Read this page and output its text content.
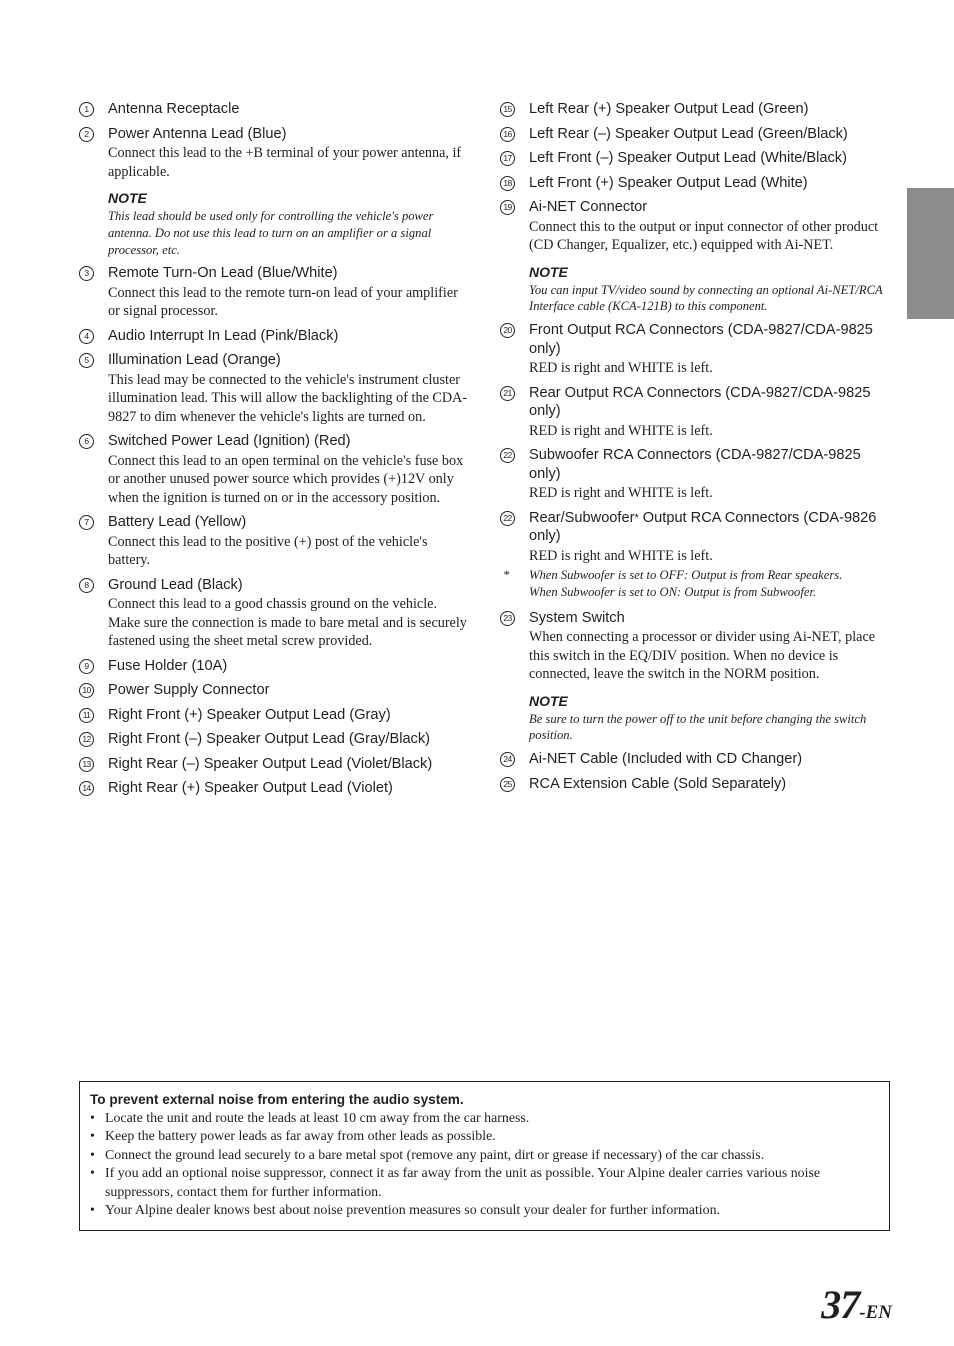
1	Antenna Receptacle
2	Power Antenna Lead (Blue)
Connect this lead to the +B terminal of your power antenna, if applicable.
NOTE
This lead should be used only for controlling the vehicle's power antenna. Do not use this lead to turn on an amplifier or a signal processor, etc.
3	Remote Turn-On Lead (Blue/White)
Connect this lead to the remote turn-on lead of your amplifier or signal processor.
4	Audio Interrupt In Lead (Pink/Black)
5	Illumination Lead (Orange)
This lead may be connected to the vehicle's instrument cluster illumination lead. This will allow the backlighting of the CDA-9827 to dim whenever the vehicle's lights are turned on.
6	Switched Power Lead (Ignition) (Red)
Connect this lead to an open terminal on the vehicle's fuse box or another unused power source which provides (+)12V only when the ignition is turned on or in the accessory position.
7	Battery Lead (Yellow)
Connect this lead to the positive (+) post of the vehicle's battery.
8	Ground Lead (Black)
Connect this lead to a good chassis ground on the vehicle. Make sure the connection is made to bare metal and is securely fastened using the sheet metal screw provided.
9	Fuse Holder (10A)
10 Power Supply Connector
11 Right Front (+) Speaker Output Lead (Gray)
12 Right Front (–) Speaker Output Lead (Gray/Black)
13 Right Rear (–) Speaker Output Lead (Violet/Black)
14 Right Rear (+) Speaker Output Lead (Violet)
15 Left Rear (+) Speaker Output Lead (Green)
16 Left Rear (–) Speaker Output Lead (Green/Black)
17 Left Front (–) Speaker Output Lead (White/Black)
18 Left Front (+) Speaker Output Lead (White)
19 Ai-NET Connector
Connect this to the output or input connector of other product (CD Changer, Equalizer, etc.) equipped with Ai-NET.
NOTE
You can input TV/video sound by connecting an optional Ai-NET/RCA Interface cable (KCA-121B) to this component.
20 Front Output RCA Connectors (CDA-9827/CDA-9825 only)
RED is right and WHITE is left.
21 Rear Output RCA Connectors (CDA-9827/CDA-9825 only)
RED is right and WHITE is left.
22 Subwoofer RCA Connectors (CDA-9827/CDA-9825 only)
RED is right and WHITE is left.
22 Rear/Subwoofer* Output RCA Connectors (CDA-9826 only)
RED is right and WHITE is left.
* When Subwoofer is set to OFF: Output is from Rear speakers.
When Subwoofer is set to ON: Output is from Subwoofer.
23 System Switch
When connecting a processor or divider using Ai-NET, place this switch in the EQ/DIV position. When no device is connected, leave the switch in the NORM position.
NOTE
Be sure to turn the power off to the unit before changing the switch position.
24 Ai-NET Cable (Included with CD Changer)
25 RCA Extension Cable (Sold Separately)
To prevent external noise from entering the audio system.
• Locate the unit and route the leads at least 10 cm away from the car harness.
• Keep the battery power leads as far away from other leads as possible.
• Connect the ground lead securely to a bare metal spot (remove any paint, dirt or grease if necessary) of the car chassis.
• If you add an optional noise suppressor, connect it as far away from the unit as possible. Your Alpine dealer carries various noise suppressors, contact them for further information.
• Your Alpine dealer knows best about noise prevention measures so consult your dealer for further information.
37-EN
